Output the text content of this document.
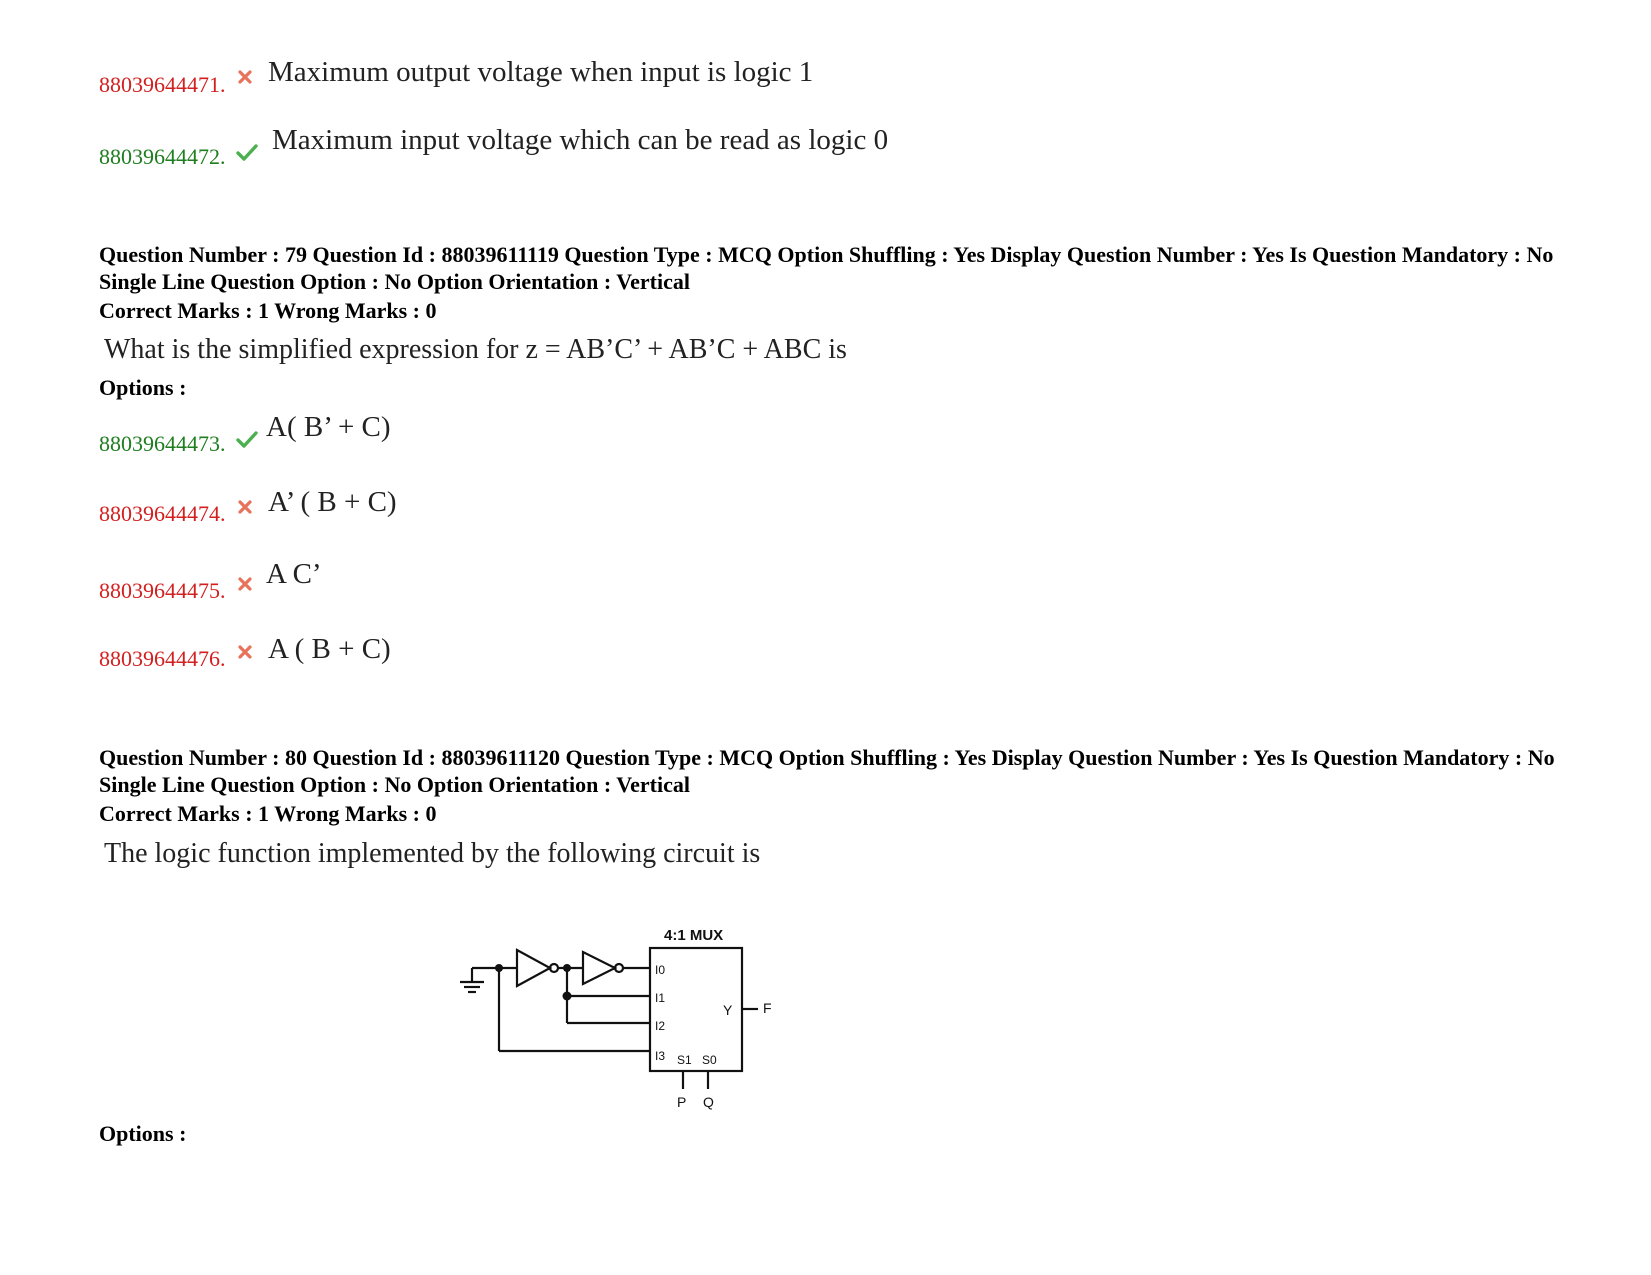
88039644471. Maximum output voltage when input is logic 1
88039644472.
Maximum input voltage which can be read as logic 0
Question Number : 79 Question Id : 88039611119 Question Type : MCQ Option Shuffling : Yes Display Question Number : Yes Is Question Mandatory : No Single Line Question Option : No Option Orientation : Vertical
Correct Marks : 1 Wrong Marks : 0
What is the simplified expression for z = AB’C’ + AB’C + ABC is
Options :
88039644473.
A( B’ + C)
88039644474. A’ ( B + C)
88039644475.
A C’
88039644476. A ( B + C)
Question Number : 80 Question Id : 88039611120 Question Type : MCQ Option Shuffling : Yes Display Question Number : Yes Is Question Mandatory : No Single Line Question Option : No Option Orientation : Vertical
Correct Marks : 1 Wrong Marks : 0
The logic function implemented by the following circuit is
4:1 MUX
I0
I1
I2
I3 S1 S0
Y F
P Q
Options :
